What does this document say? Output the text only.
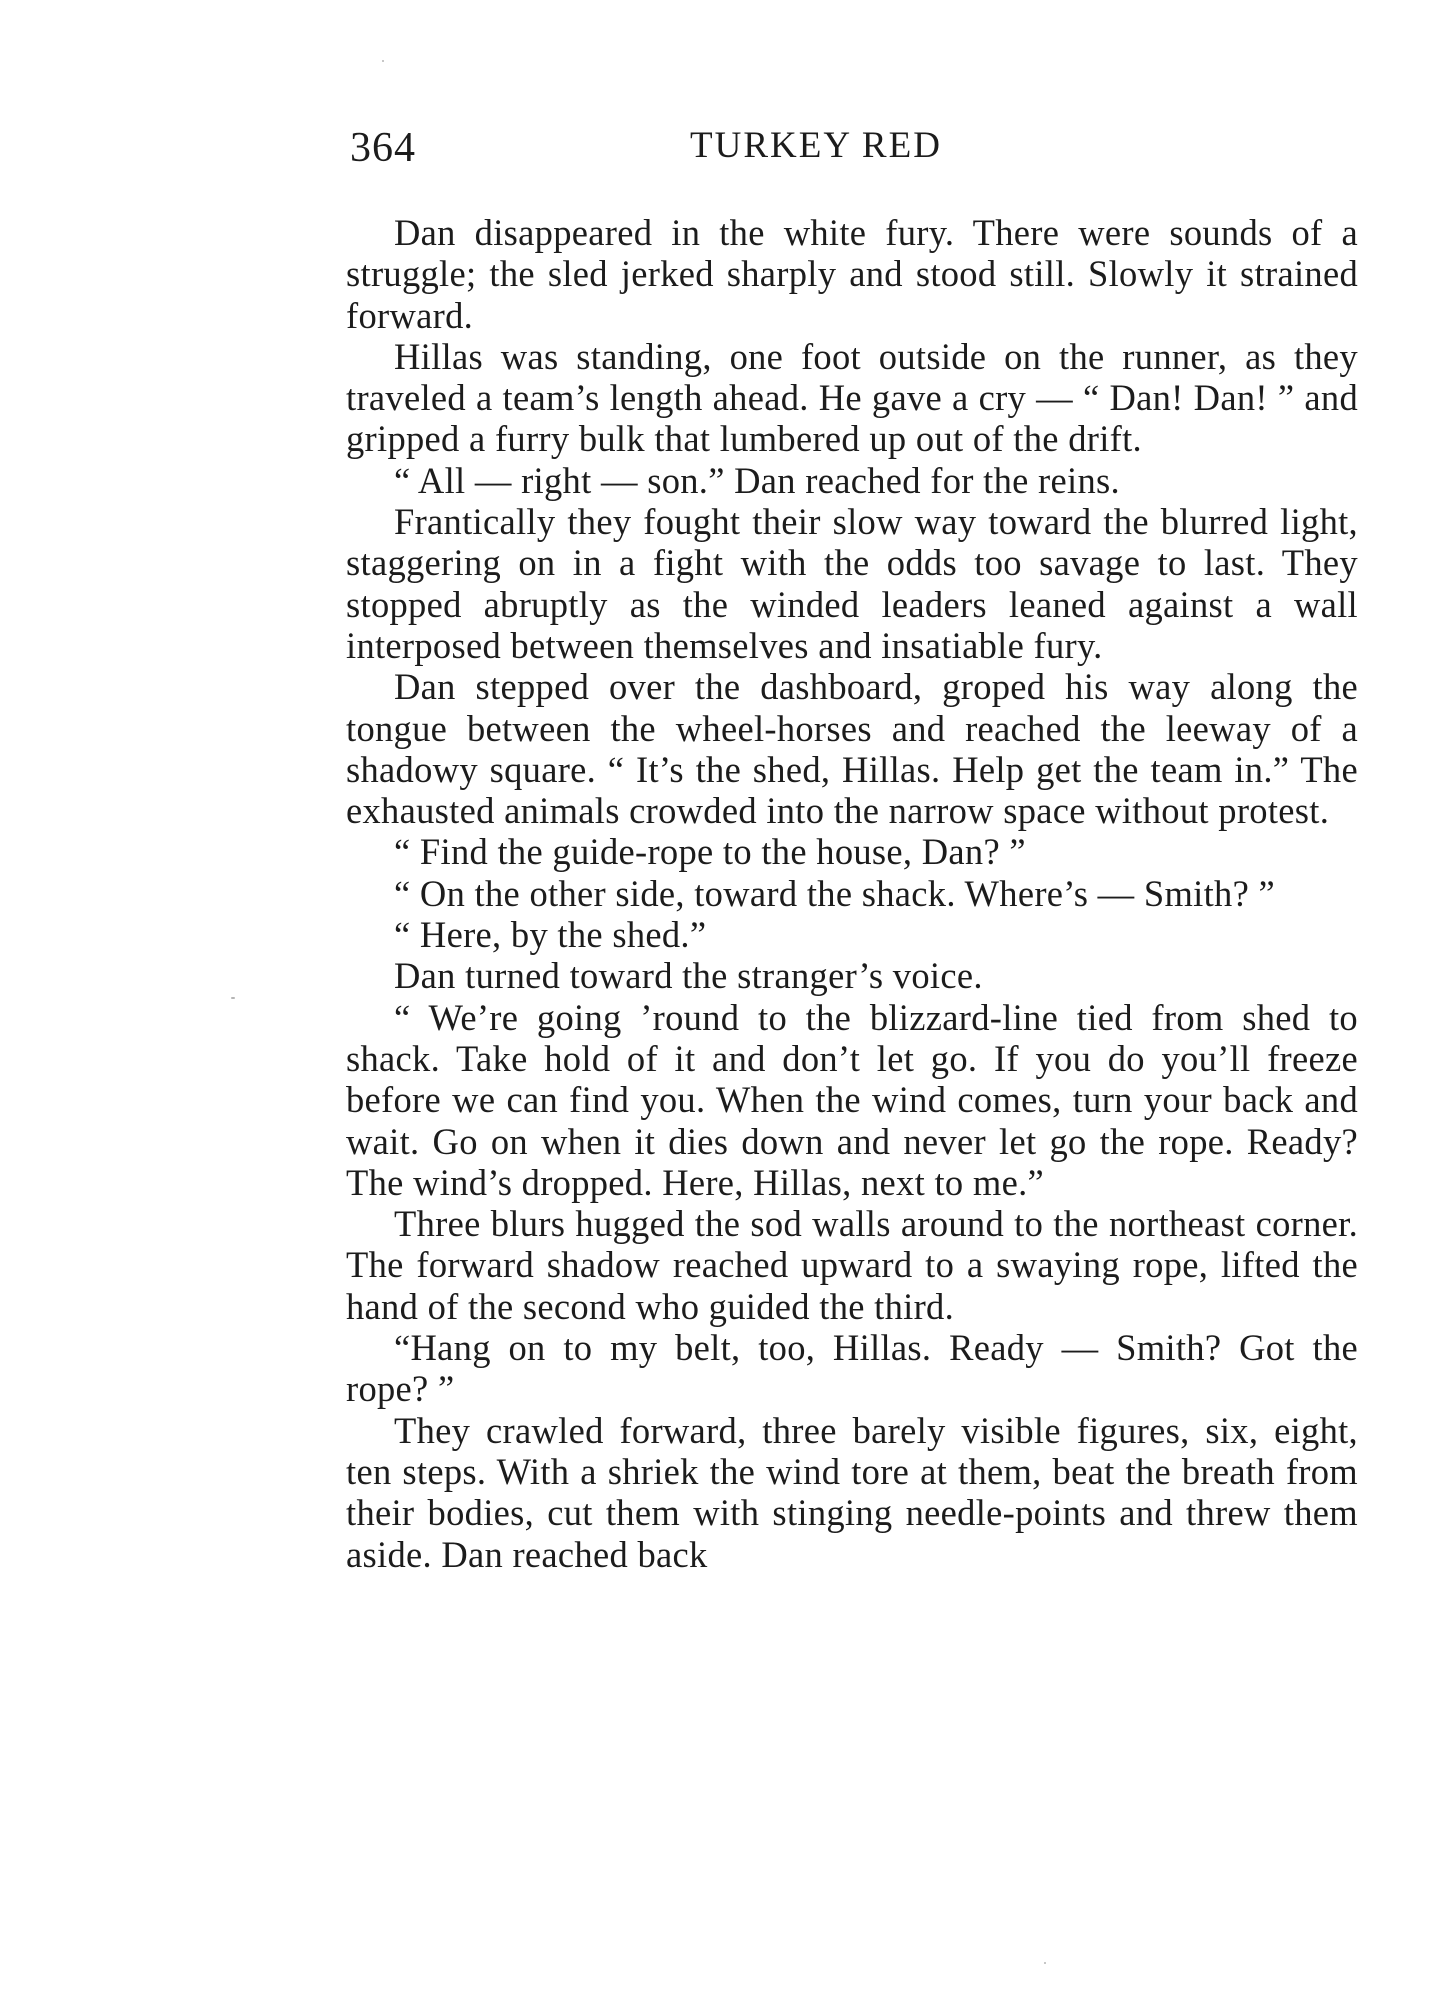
364	TURKEY RED

Dan disappeared in the white fury. There were sounds of a struggle; the sled jerked sharply and stood still. Slowly it strained forward.

Hillas was standing, one foot outside on the runner, as they traveled a team’s length ahead. He gave a cry — “ Dan! Dan! ” and gripped a furry bulk that lumbered up out of the drift.

“ All — right — son.” Dan reached for the reins.

Frantically they fought their slow way toward the blurred light, staggering on in a fight with the odds too savage to last. They stopped abruptly as the winded leaders leaned against a wall interposed between themselves and insatiable fury.

Dan stepped over the dashboard, groped his way along the tongue between the wheel-horses and reached the leeway of a shadowy square. “ It’s the shed, Hillas. Help get the team in.” The exhausted animals crowded into the narrow space without protest.

“ Find the guide-rope to the house, Dan? ”

“ On the other side, toward the shack. Where’s — Smith? ”

“ Here, by the shed.”

Dan turned toward the stranger’s voice.

“ We’re going ’round to the blizzard-line tied from shed to shack. Take hold of it and don’t let go. If you do you’ll freeze before we can find you. When the wind comes, turn your back and wait. Go on when it dies down and never let go the rope. Ready? The wind’s dropped. Here, Hillas, next to me.”

Three blurs hugged the sod walls around to the northeast corner. The forward shadow reached upward to a swaying rope, lifted the hand of the second who guided the third.

“Hang on to my belt, too, Hillas. Ready — Smith? Got the rope? ”

They crawled forward, three barely visible figures, six, eight, ten steps. With a shriek the wind tore at them, beat the breath from their bodies, cut them with stinging needle-points and threw them aside. Dan reached back
